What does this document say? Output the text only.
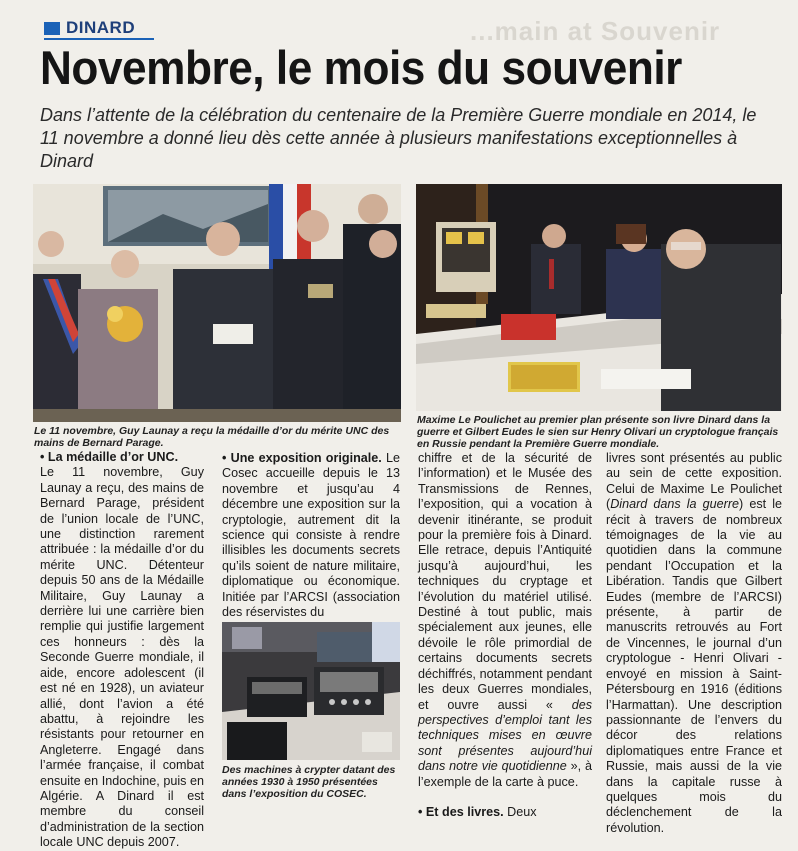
DINARD	...main at Souvenir
Novembre, le mois du souvenir

Dans l’attente de la célébration du centenaire de la Première Guerre mondiale en 2014, le 11 novembre a donné lieu dès cette année à plusieurs manifestations exceptionnelles à Dinard

Le 11 novembre, Guy Launay a reçu la médaille d’or du mérite UNC des mains de Bernard Parage.

Maxime Le Poulichet au premier plan présente son livre Dinard dans la guerre et Gilbert Eudes le sien sur Henry Olivari un cryptologue français en Russie pendant la Première Guerre mondiale.

• La médaille d’or UNC.

Le 11 novembre, Guy Launay a reçu, des mains de Bernard Parage, président de l’union locale de l’UNC, une distinction rarement attribuée : la médaille d’or du mérite UNC. Détenteur depuis 50 ans de la Médaille Militaire, Guy Launay a derrière lui une carrière bien remplie qui justifie largement ces honneurs : dès la Seconde Guerre mondiale, il aide, encore adolescent (il est né en 1928), un aviateur allié, dont l’avion a été abattu, à rejoindre les résistants pour retourner en Angleterre. Engagé dans l’armée française, il combat ensuite en Indochine, puis en Algérie. A Dinard il est membre du conseil d’administration de la section locale UNC depuis 2007.

• Une exposition originale. Le Cosec accueille depuis le 13 novembre et jusqu’au 4 décembre une exposition sur la cryptologie, autrement dit la science qui consiste à rendre illisibles les documents secrets qu’ils soient de nature militaire, diplomatique ou économique. Initiée par l’ARCSI (association des réservistes du

Des machines à crypter datant des années 1930 à 1950 présentées dans l’exposition du COSEC.

chiffre et de la sécurité de l’information) et le Musée des Transmissions de Rennes, l’exposition, qui a vocation à devenir itinérante, se produit pour la première fois à Dinard. Elle retrace, depuis l’Antiquité jusqu’à aujourd’hui, les techniques du cryptage et l’évolution du matériel utilisé. Destiné à tout public, mais spécialement aux jeunes, elle dévoile le rôle primordial de certains documents secrets déchiffrés, notamment pendant les deux Guerres mondiales, et ouvre aussi « des perspectives d’emploi tant les techniques mises en œuvre sont présentes aujourd’hui dans notre vie quotidienne », à l’exemple de la carte à puce.

• Et des livres. Deux

livres sont présentés au public au sein de cette exposition. Celui de Maxime Le Poulichet (Dinard dans la guerre) est le récit à travers de nombreux témoignages de la vie au quotidien dans la commune pendant l’Occupation et la Libération. Tandis que Gilbert Eudes (membre de l’ARCSI) présente, à partir de manuscrits retrouvés au Fort de Vincennes, le journal d’un cryptologue - Henri Olivari - envoyé en mission à Saint-Pétersbourg en 1916 (éditions l’Harmattan). Une description passionnante de l’envers du décor des relations diplomatiques entre France et Russie, mais aussi de la vie dans la capitale russe à quelques mois du déclenchement de la révolution.
